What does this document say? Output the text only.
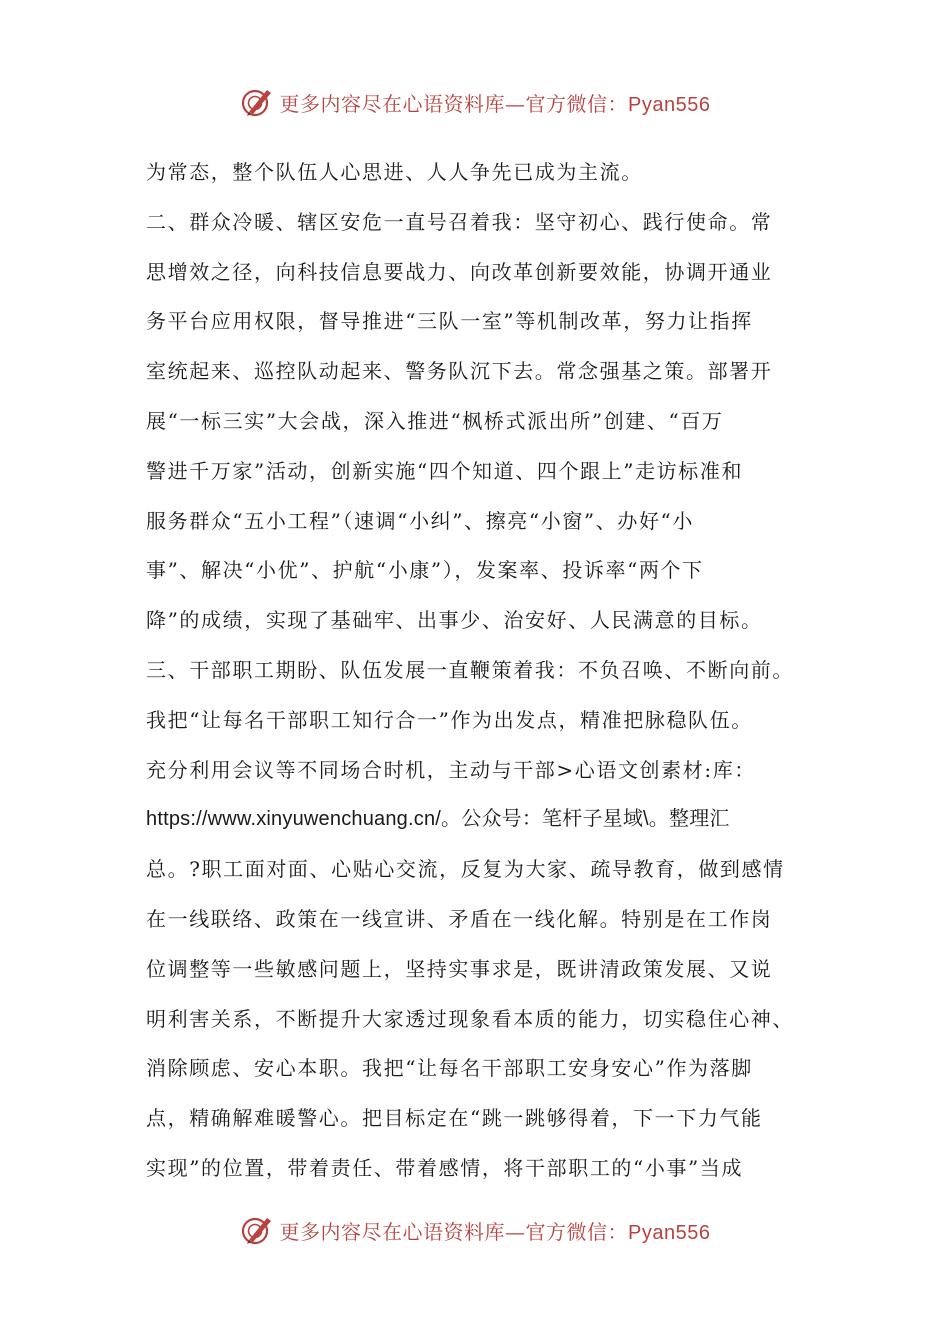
更多内容尽在心语资料库—官方微信：Pyan556
为常态，整个队伍人心思进、人人争先已成为主流。
二、群众冷暖、辖区安危一直号召着我：坚守初心、践行使命。常
思增效之径，向科技信息要战力、向改革创新要效能，协调开通业
务平台应用权限，督导推进“三队一室”等机制改革，努力让指挥
室统起来、巡控队动起来、警务队沉下去。常念强基之策。部署开
展“一标三实”大会战，深入推进“枫桥式派出所”创建、“百万
警进千万家”活动，创新实施“四个知道、四个跟上”走访标准和
服务群众“五小工程”（速调“小纠”、擦亮“小窗”、办好“小
事”、解决“小优”、护航“小康”），发案率、投诉率“两个下
降”的成绩，实现了基础牢、出事少、治安好、人民满意的目标。
三、干部职工期盼、队伍发展一直鞭策着我：不负召唤、不断向前。
我把“让每名干部职工知行合一”作为出发点，精准把脉稳队伍。
充分利用会议等不同场合时机，主动与干部>心语文创素材:库：
https://www.xinyuwenchuang.cn/。公众号：笔杆子星域\。整理汇
总。?职工面对面、心贴心交流，反复为大家、疏导教育，做到感情
在一线联络、政策在一线宣讲、矛盾在一线化解。特别是在工作岗
位调整等一些敏感问题上，坚持实事求是，既讲清政策发展、又说
明利害关系，不断提升大家透过现象看本质的能力，切实稳住心神、
消除顾虑、安心本职。我把“让每名干部职工安身安心”作为落脚
点，精确解难暖警心。把目标定在“跳一跳够得着，下一下力气能
实现”的位置，带着责任、带着感情，将干部职工的“小事”当成
更多内容尽在心语资料库—官方微信：Pyan556
